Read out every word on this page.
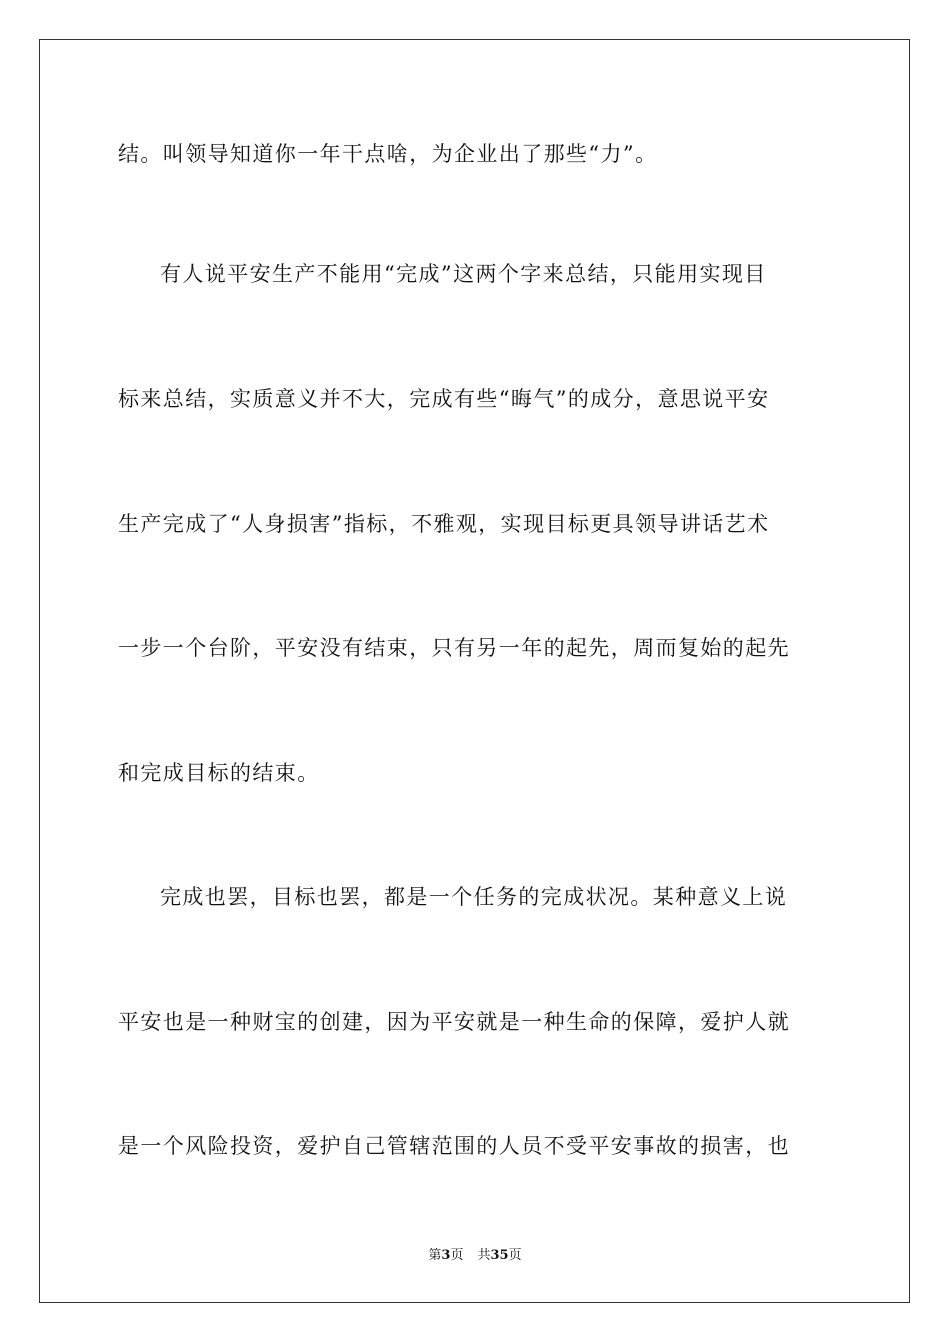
结。叫领导知道你一年干点啥，为企业出了那些“力”。
有人说平安生产不能用“完成”这两个字来总结，只能用实现目
标来总结，实质意义并不大，完成有些“晦气”的成分，意思说平安
生产完成了“人身损害”指标，不雅观，实现目标更具领导讲话艺术
一步一个台阶，平安没有结束，只有另一年的起先，周而复始的起先
和完成目标的结束。
完成也罢，目标也罢，都是一个任务的完成状况。某种意义上说
平安也是一种财宝的创建，因为平安就是一种生命的保障，爱护人就
是一个风险投资，爱护自己管辖范围的人员不受平安事故的损害，也
第3页 共35页
